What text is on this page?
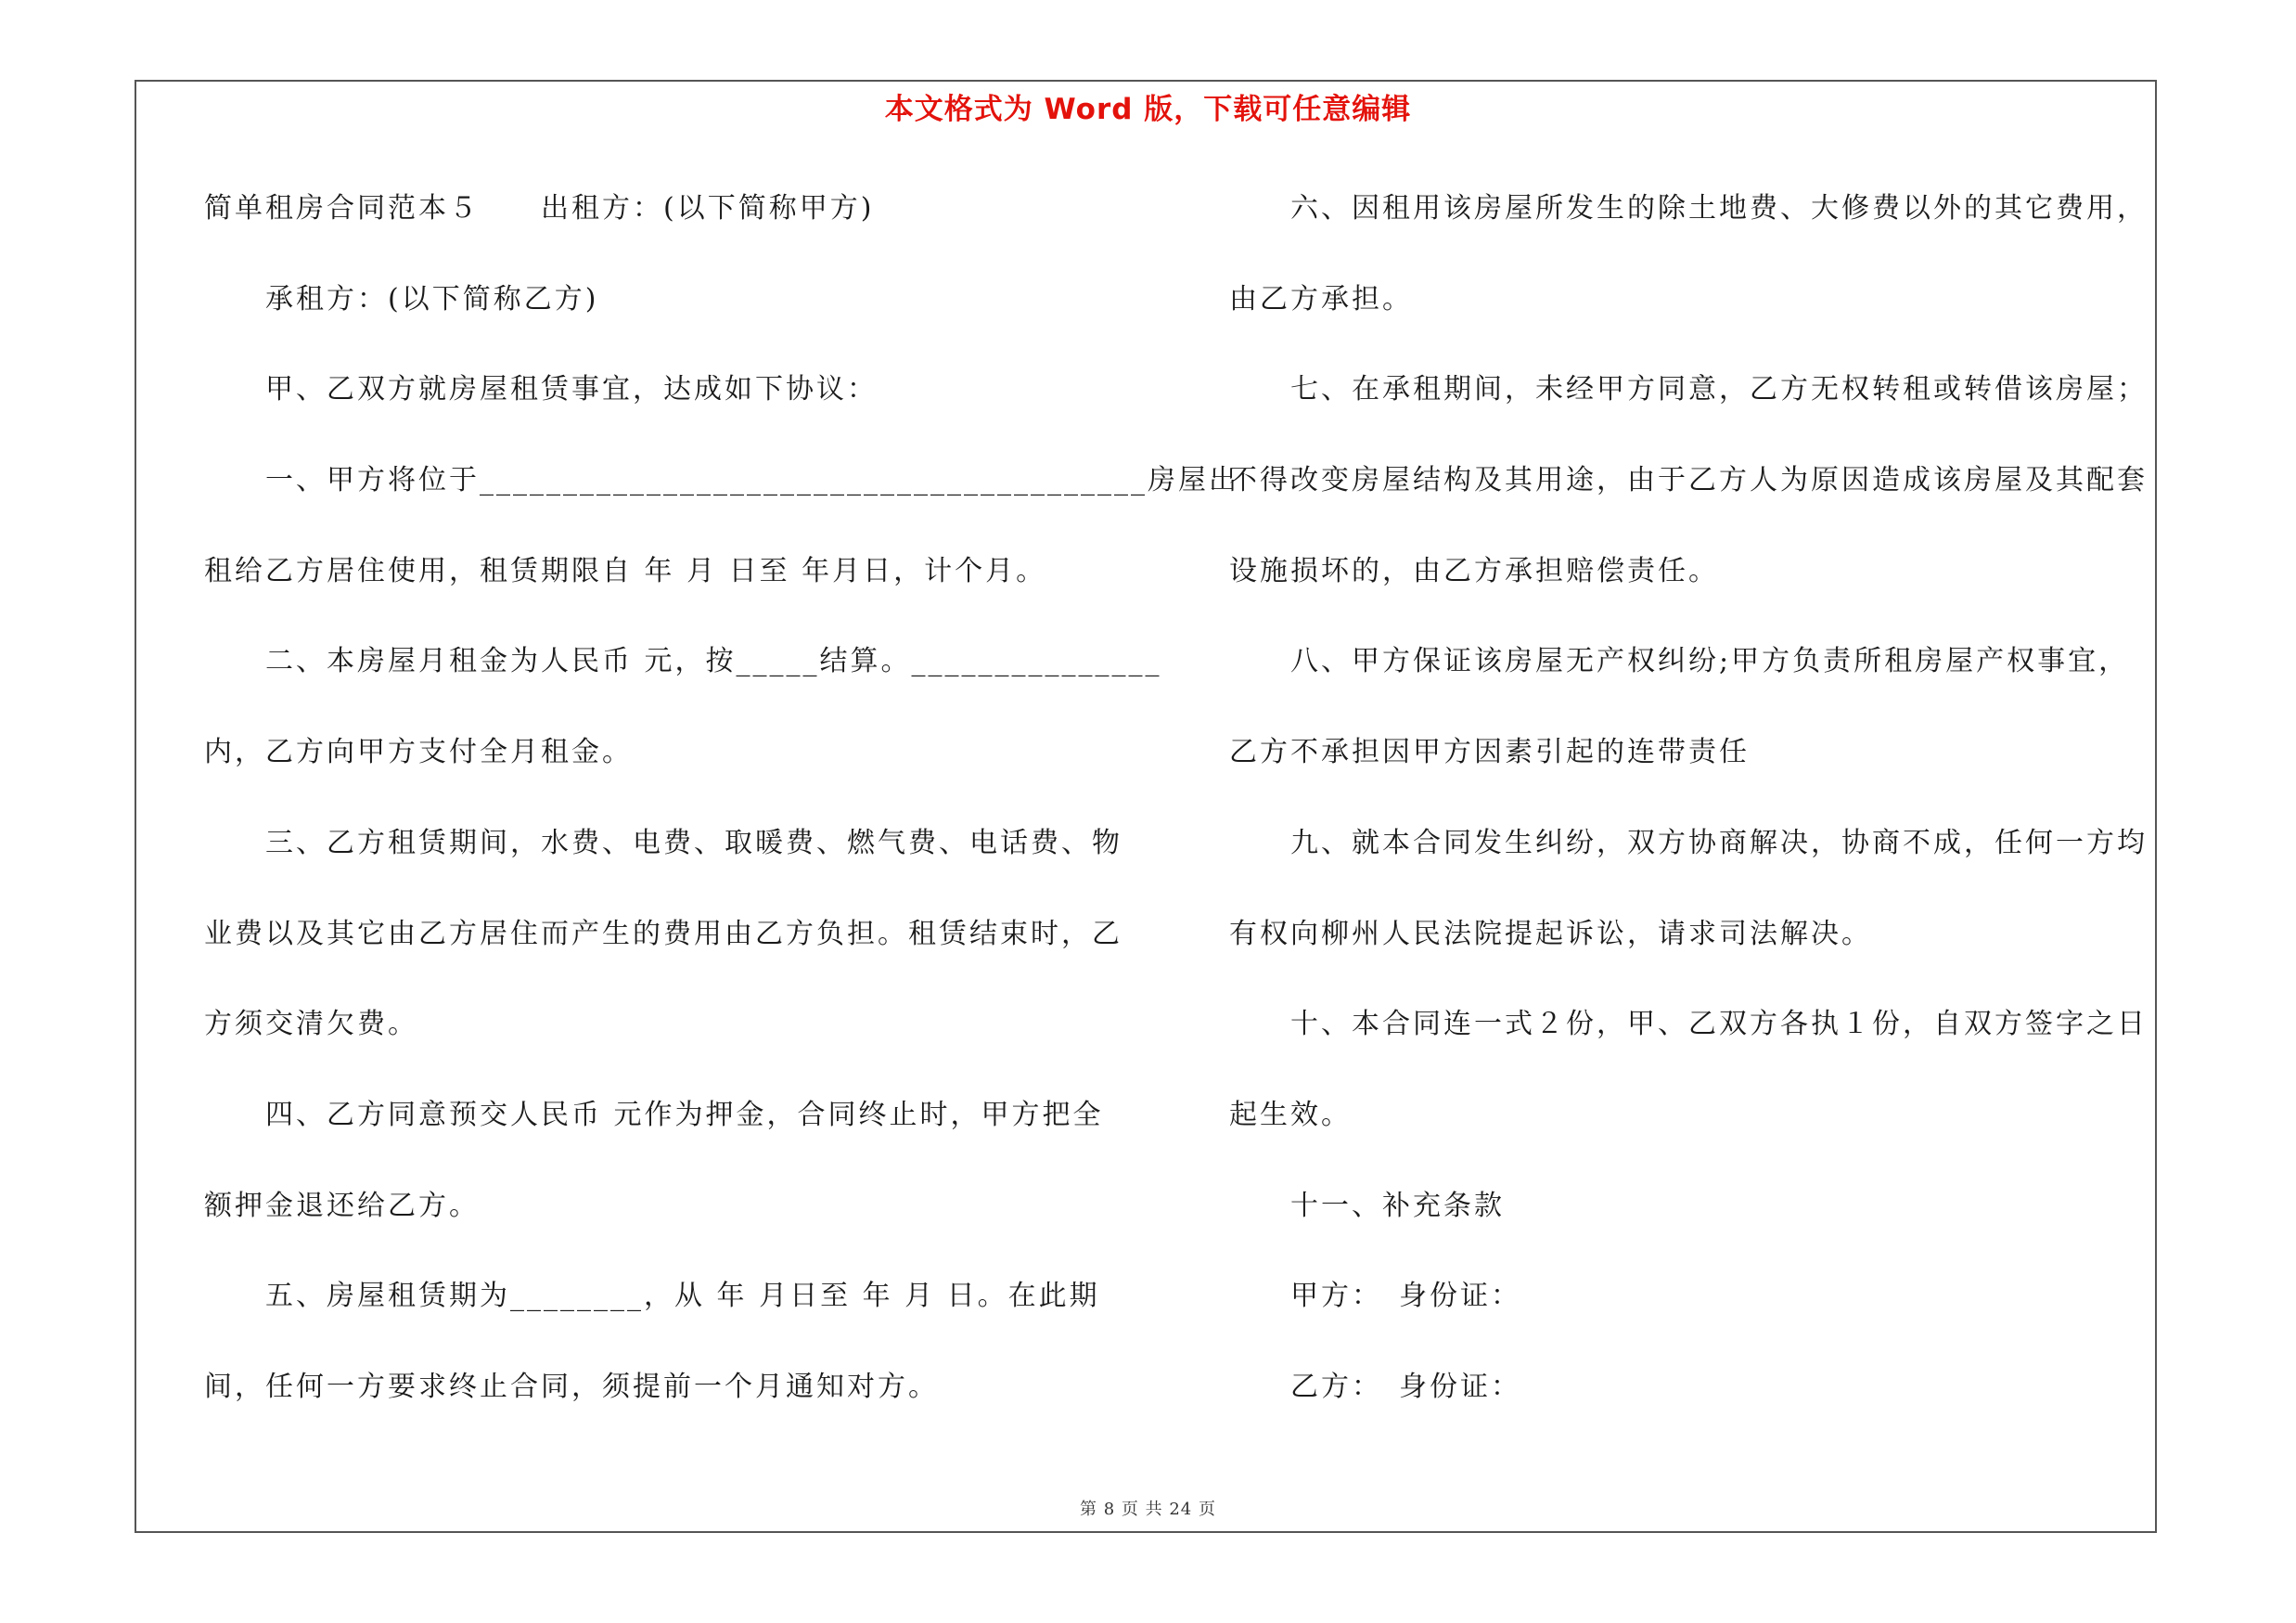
本文格式为 Word 版，下载可任意编辑
简单租房合同范本５　　出租方：(以下简称甲方)
　　承租方：(以下简称乙方)
　　甲、乙双方就房屋租赁事宜，达成如下协议：
　　一、甲方将位于________________________________________房屋出
租给乙方居住使用，租赁期限自 年 月 日至 年月日，计个月。
　　二、本房屋月租金为人民币 元，按_____结算。_______________
内，乙方向甲方支付全月租金。
　　三、乙方租赁期间，水费、电费、取暖费、燃气费、电话费、物
业费以及其它由乙方居住而产生的费用由乙方负担。租赁结束时，乙
方须交清欠费。
　　四、乙方同意预交人民币 元作为押金，合同终止时，甲方把全
额押金退还给乙方。
　　五、房屋租赁期为________，从 年 月日至 年 月 日。在此期
间，任何一方要求终止合同，须提前一个月通知对方。
　　六、因租用该房屋所发生的除土地费、大修费以外的其它费用，
由乙方承担。
　　七、在承租期间，未经甲方同意，乙方无权转租或转借该房屋；
不得改变房屋结构及其用途，由于乙方人为原因造成该房屋及其配套
设施损坏的，由乙方承担赔偿责任。
　　八、甲方保证该房屋无产权纠纷;甲方负责所租房屋产权事宜，
乙方不承担因甲方因素引起的连带责任
　　九、就本合同发生纠纷，双方协商解决，协商不成，任何一方均
有权向柳州人民法院提起诉讼，请求司法解决。
　　十、本合同连一式２份，甲、乙双方各执１份，自双方签字之日
起生效。
　　十一、补充条款
　　甲方：　身份证：
　　乙方：　身份证：
第 8 页 共 24 页
